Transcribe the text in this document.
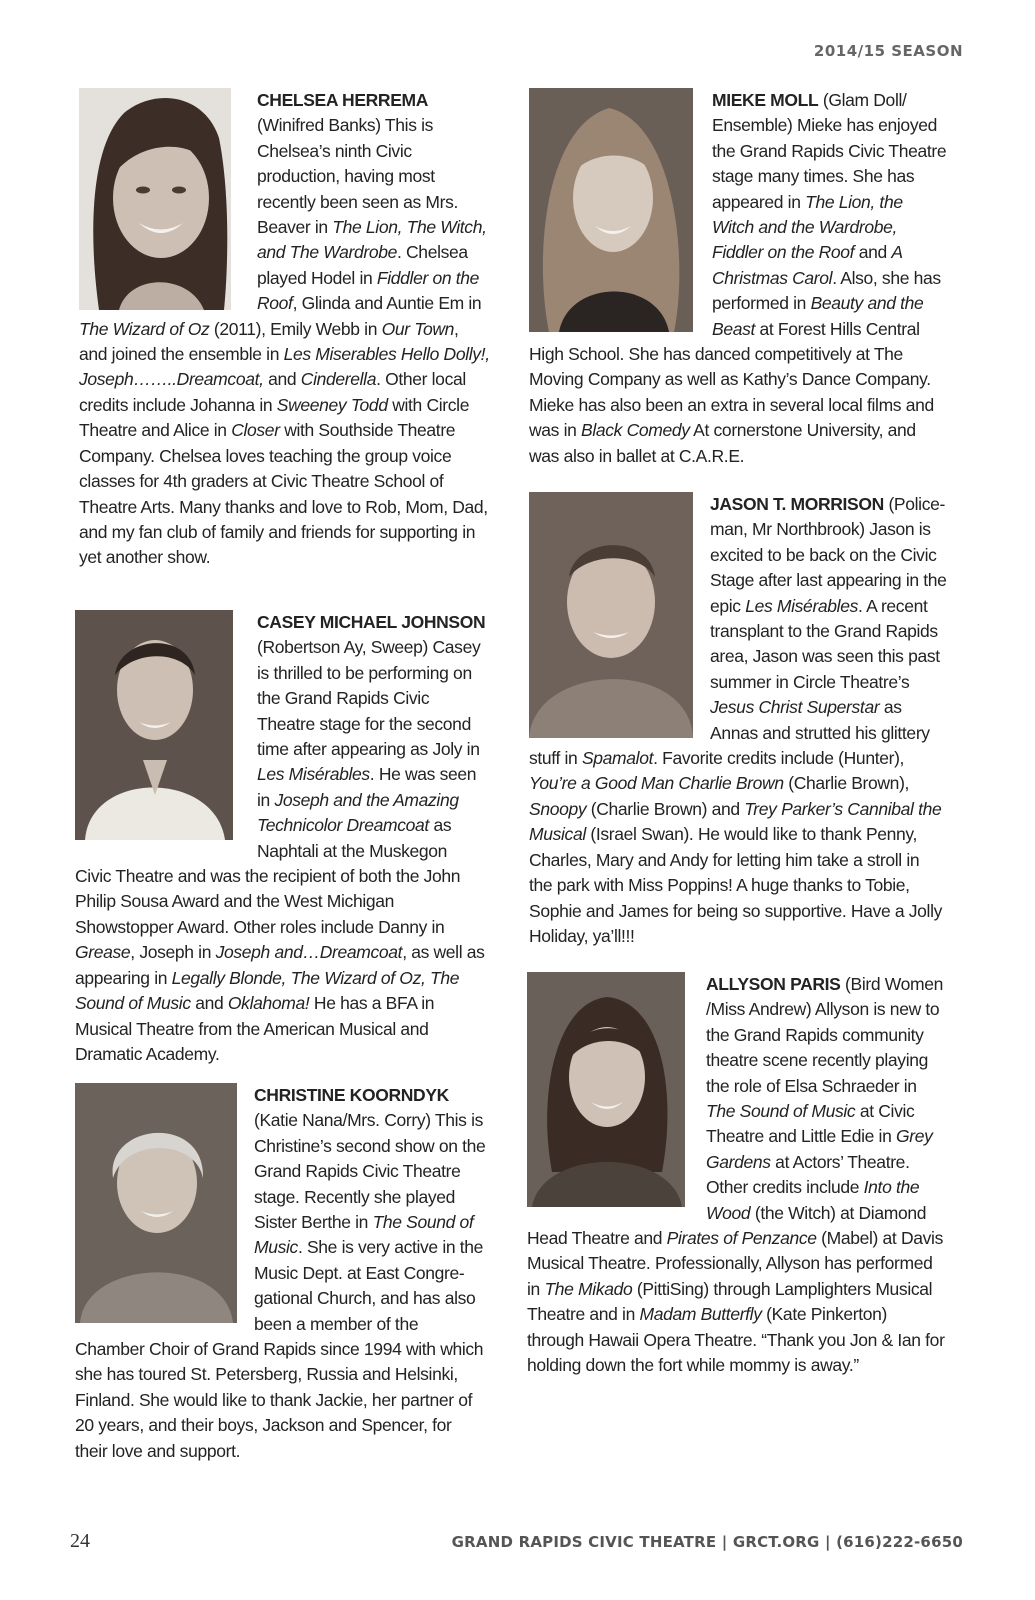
2014/15 SEASON
CHELSEA HERREMA (Winifred Banks) This is Chelsea’s ninth Civic production, having most recently been seen as Mrs. Beaver in The Lion, The Witch, and The Wardrobe. Chelsea played Hodel in Fiddler on the Roof, Glinda and Auntie Em in The Wizard of Oz (2011), Emily Webb in Our Town, and joined the ensemble in Les Miserables Hello Dolly!, Joseph……..Dreamcoat, and Cinderella. Other local credits include Johanna in Sweeney Todd with Circle Theatre and Alice in Closer with Southside Theatre Company. Chelsea loves teaching the group voice classes for 4th graders at Civic Theatre School of Theatre Arts. Many thanks and love to Rob, Mom, Dad, and my fan club of family and friends for supporting in yet another show.
CASEY MICHAEL JOHNSON (Robertson Ay, Sweep) Casey is thrilled to be performing on the Grand Rapids Civic Theatre stage for the second time after appearing as Joly in Les Misérables. He was seen in Joseph and the Amazing Technicolor Dreamcoat as Naphtali at the Muskegon Civic Theatre and was the recipient of both the John Philip Sousa Award and the West Michigan Showstopper Award. Other roles include Danny in Grease, Joseph in Joseph and…Dreamcoat, as well as appearing in Legally Blonde, The Wizard of Oz, The Sound of Music and Oklahoma! He has a BFA in Musical Theatre from the American Musical and Dramatic Academy.
CHRISTINE KOORNDYK (Katie Nana/Mrs. Corry) This is Christine’s second show on the Grand Rapids Civic Theatre stage. Recently she played Sister Berthe in The Sound of Music. She is very active in the Music Dept. at East Congre-gational Church, and has also been a member of the Chamber Choir of Grand Rapids since 1994 with which she has toured St. Petersberg, Russia and Helsinki, Finland. She would like to thank Jackie, her partner of 20 years, and their boys, Jackson and Spencer, for their love and support.
MIEKE MOLL (Glam Doll/ Ensemble) Mieke has enjoyed the Grand Rapids Civic Theatre stage many times. She has appeared in The Lion, the Witch and the Wardrobe, Fiddler on the Roof and A Christmas Carol. Also, she has performed in Beauty and the Beast at Forest Hills Central High School. She has danced competitively at The Moving Company as well as Kathy’s Dance Company. Mieke has also been an extra in several local films and was in Black Comedy At cornerstone University, and was also in ballet at C.A.R.E.
JASON T. MORRISON (Police-man, Mr Northbrook) Jason is excited to be back on the Civic Stage after last appearing in the epic Les Misérables. A recent transplant to the Grand Rapids area, Jason was seen this past summer in Circle Theatre’s Jesus Christ Superstar as Annas and strutted his glittery stuff in Spamalot. Favorite credits include (Hunter), You’re a Good Man Charlie Brown (Charlie Brown), Snoopy (Charlie Brown) and Trey Parker’s Cannibal the Musical (Israel Swan). He would like to thank Penny, Charles, Mary and Andy for letting him take a stroll in the park with Miss Poppins! A huge thanks to Tobie, Sophie and James for being so supportive. Have a Jolly Holiday, ya’ll!!!
ALLYSON PARIS (Bird Women /Miss Andrew) Allyson is new to the Grand Rapids community theatre scene recently playing the role of Elsa Schraeder in The Sound of Music at Civic Theatre and Little Edie in Grey Gardens at Actors’ Theatre. Other credits include Into the Wood (the Witch) at Diamond Head Theatre and Pirates of Penzance (Mabel) at Davis Musical Theatre. Professionally, Allyson has performed in The Mikado (PittiSing) through Lamplighters Musical Theatre and in Madam Butterfly (Kate Pinkerton) through Hawaii Opera Theatre. “Thank you Jon & Ian for holding down the fort while mommy is away.”
24	GRAND RAPIDS CIVIC THEATRE | GRCT.ORG | (616)222-6650
